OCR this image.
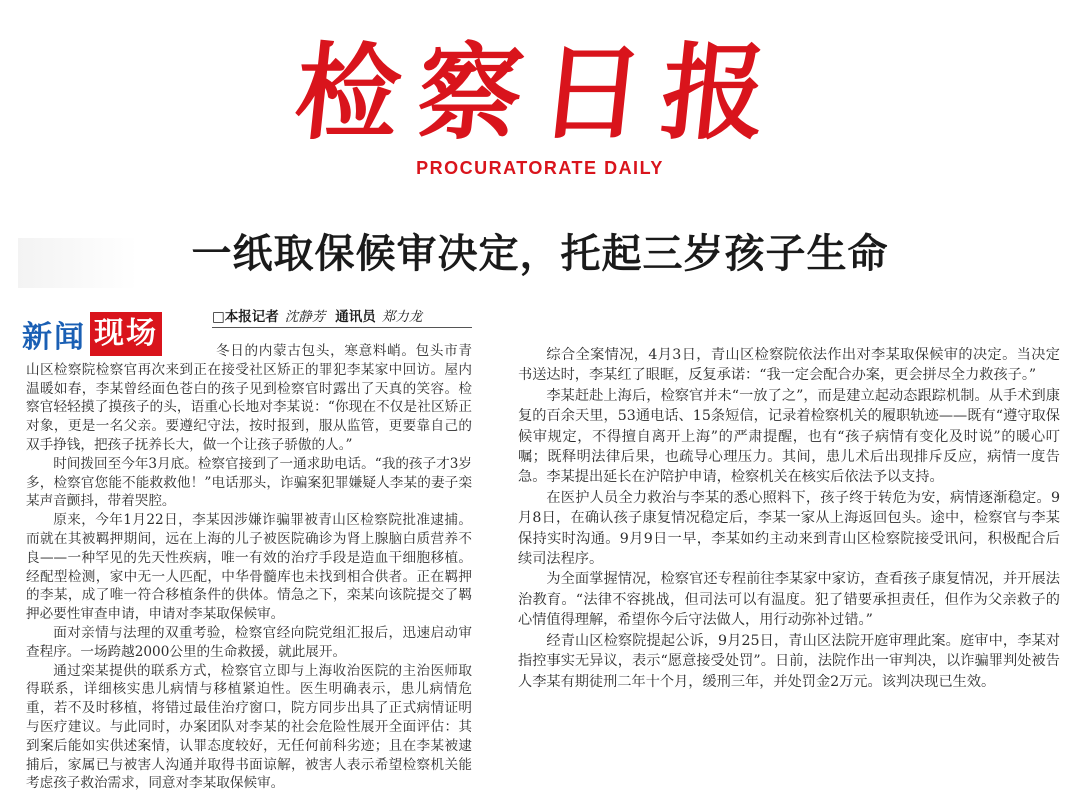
检察日报
PROCURATORATE DAILY
一纸取保候审决定，托起三岁孩子生命
新闻 现场	□本报记者 沈静芳 通讯员 郑力龙

冬日的内蒙古包头，寒意料峭。包头市青山区检察院检察官再次来到正在接受社区矫正的罪犯李某家中回访。屋内温暖如春，李某曾经面色苍白的孩子见到检察官时露出了天真的笑容。检察官轻轻摸了摸孩子的头，语重心长地对李某说：“你现在不仅是社区矫正对象，更是一名父亲。要遵纪守法，按时报到，服从监管，更要靠自己的双手挣钱，把孩子抚养长大，做一个让孩子骄傲的人。”

时间拨回至今年3月底。检察官接到了一通求助电话。“我的孩子才3岁多，检察官您能不能救救他！”电话那头，诈骗案犯罪嫌疑人李某的妻子栾某声音颤抖，带着哭腔。

原来，今年1月22日，李某因涉嫌诈骗罪被青山区检察院批准逮捕。而就在其被羁押期间，远在上海的儿子被医院确诊为肾上腺脑白质营养不良——一种罕见的先天性疾病，唯一有效的治疗手段是造血干细胞移植。经配型检测，家中无一人匹配，中华骨髓库也未找到相合供者。正在羁押的李某，成了唯一符合移植条件的供体。情急之下，栾某向该院提交了羁押必要性审查申请，申请对李某取保候审。

面对亲情与法理的双重考验，检察官经向院党组汇报后，迅速启动审查程序。一场跨越2000公里的生命救援，就此展开。

通过栾某提供的联系方式，检察官立即与上海收治医院的主治医师取得联系，详细核实患儿病情与移植紧迫性。医生明确表示，患儿病情危重，若不及时移植，将错过最佳治疗窗口，院方同步出具了正式病情证明与医疗建议。与此同时，办案团队对李某的社会危险性展开全面评估：其到案后能如实供述案情，认罪态度较好，无任何前科劣迹；且在李某被逮捕后，家属已与被害人沟通并取得书面谅解，被害人表示希望检察机关能考虑孩子救治需求，同意对李某取保候审。

综合全案情况，4月3日，青山区检察院依法作出对李某取保候审的决定。当决定书送达时，李某红了眼眶，反复承诺：“我一定会配合办案，更会拼尽全力救孩子。”

李某赶赴上海后，检察官并未“一放了之”，而是建立起动态跟踪机制。从手术到康复的百余天里，53通电话、15条短信，记录着检察机关的履职轨迹——既有“遵守取保候审规定，不得擅自离开上海”的严肃提醒，也有“孩子病情有变化及时说”的暖心叮嘱；既释明法律后果，也疏导心理压力。其间，患儿术后出现排斥反应，病情一度告急。李某提出延长在沪陪护申请，检察机关在核实后依法予以支持。

在医护人员全力救治与李某的悉心照料下，孩子终于转危为安，病情逐渐稳定。9月8日，在确认孩子康复情况稳定后，李某一家从上海返回包头。途中，检察官与李某保持实时沟通。9月9日一早，李某如约主动来到青山区检察院接受讯问，积极配合后续司法程序。

为全面掌握情况，检察官还专程前往李某家中家访，查看孩子康复情况，并开展法治教育。“法律不容挑战，但司法可以有温度。犯了错要承担责任，但作为父亲救子的心情值得理解，希望你今后守法做人，用行动弥补过错。”

经青山区检察院提起公诉，9月25日，青山区法院开庭审理此案。庭审中，李某对指控事实无异议，表示“愿意接受处罚”。日前，法院作出一审判决，以诈骗罪判处被告人李某有期徒刑二年十个月，缓刑三年，并处罚金2万元。该判决现已生效。
